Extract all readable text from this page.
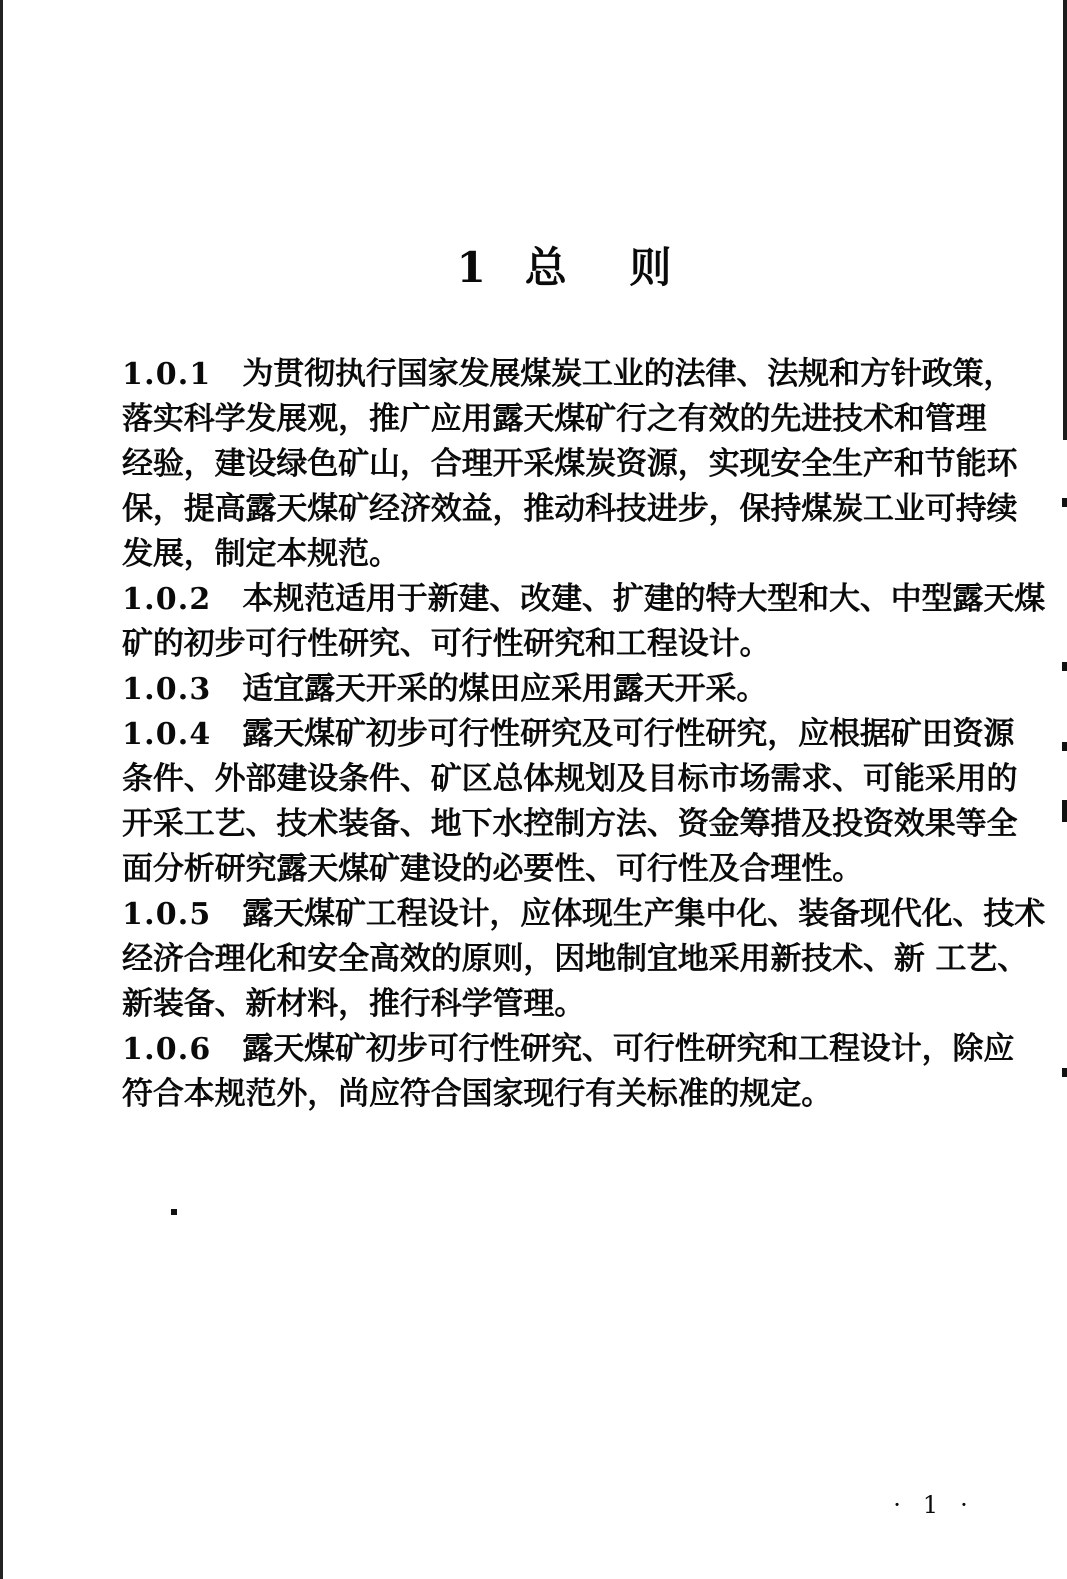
1 总    则

1.0.1　为贯彻执行国家发展煤炭工业的法律、法规和方针政策，
落实科学发展观，推广应用露天煤矿行之有效的先进技术和管理
经验，建设绿色矿山，合理开采煤炭资源，实现安全生产和节能环
保，提高露天煤矿经济效益，推动科技进步，保持煤炭工业可持续
发展，制定本规范。
1.0.2　本规范适用于新建、改建、扩建的特大型和大、中型露天煤
矿的初步可行性研究、可行性研究和工程设计。
1.0.3　适宜露天开采的煤田应采用露天开采。
1.0.4　露天煤矿初步可行性研究及可行性研究，应根据矿田资源
条件、外部建设条件、矿区总体规划及目标市场需求、可能采用的
开采工艺、技术装备、地下水控制方法、资金筹措及投资效果等全
面分析研究露天煤矿建设的必要性、可行性及合理性。
1.0.5　露天煤矿工程设计，应体现生产集中化、装备现代化、技术
经济合理化和安全高效的原则，因地制宜地采用新技术、新 工艺、
新装备、新材料，推行科学管理。
1.0.6　露天煤矿初步可行性研究、可行性研究和工程设计，除应
符合本规范外，尚应符合国家现行有关标准的规定。
· 1 ·
